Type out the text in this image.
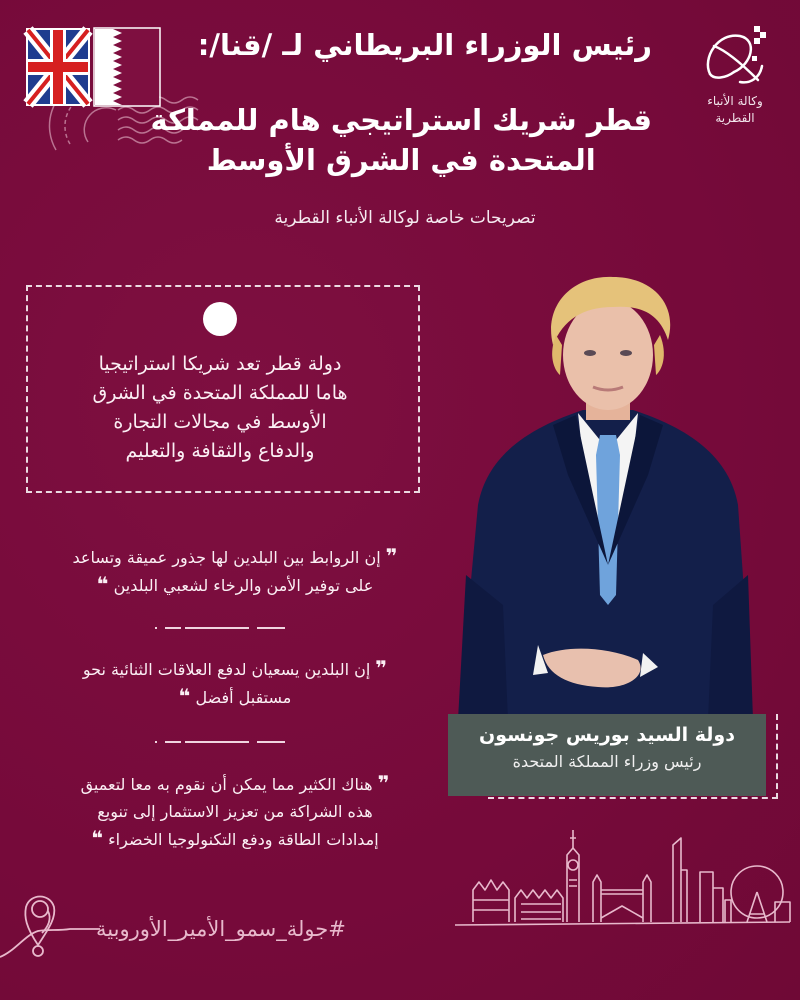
وكالة الأنباء
القطرية
رئيس الوزراء البريطاني لـ /قنا/:
قطر شريك استراتيجي هام للمملكة
المتحدة في الشرق الأوسط
تصريحات خاصة لوكالة الأنباء القطرية
دولة قطر تعد شريكا استراتيجيا
هاما للمملكة المتحدة في الشرق
الأوسط في مجالات التجارة
والدفاع والثقافة والتعليم
❞ إن الروابط بين البلدين لها جذور عميقة وتساعد
على توفير الأمن والرخاء لشعبي البلدين ❝
❞ إن البلدين يسعيان لدفع العلاقات الثنائية نحو
مستقبل أفضل ❝
❞ هناك الكثير مما يمكن أن نقوم به معا لتعميق
هذه الشراكة من تعزيز الاستثمار إلى تنويع
إمدادات الطاقة ودفع التكنولوجيا الخضراء ❝
دولة السيد بوريس جونسون
رئيس وزراء المملكة المتحدة
#جولة_سمو_الأمير_الأوروبية
